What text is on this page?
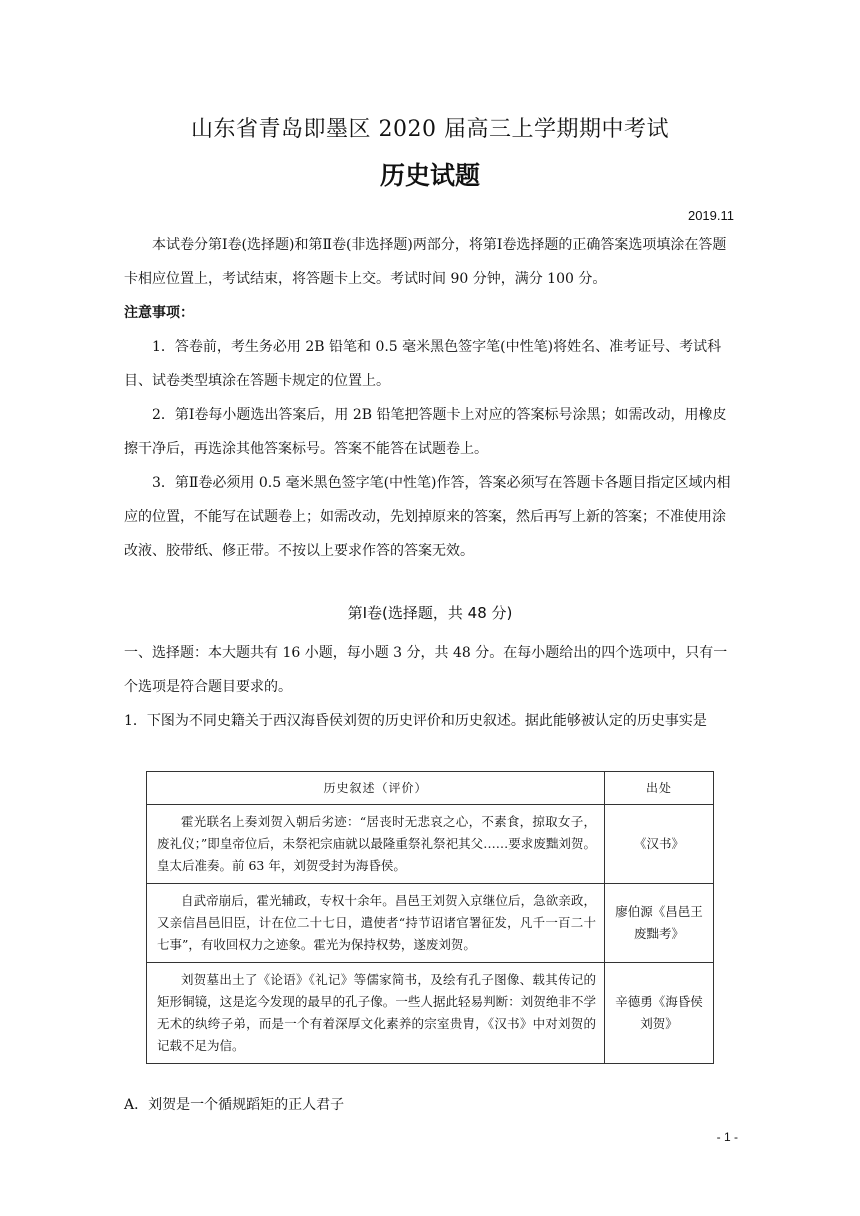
山东省青岛即墨区 2020 届高三上学期期中考试
历史试题
2019.11
本试卷分第Ⅰ卷(选择题)和第Ⅱ卷(非选择题)两部分，将第Ⅰ卷选择题的正确答案选项填涂在答题卡相应位置上，考试结束，将答题卡上交。考试时间 90 分钟，满分 100 分。
注意事项：
1．答卷前，考生务必用 2B 铅笔和 0.5 毫米黑色签字笔(中性笔)将姓名、准考证号、考试科目、试卷类型填涂在答题卡规定的位置上。
2．第Ⅰ卷每小题选出答案后，用 2B 铅笔把答题卡上对应的答案标号涂黑；如需改动，用橡皮擦干净后，再选涂其他答案标号。答案不能答在试题卷上。
3．第Ⅱ卷必须用 0.5 毫米黑色签字笔(中性笔)作答，答案必须写在答题卡各题目指定区域内相应的位置，不能写在试题卷上；如需改动，先划掉原来的答案，然后再写上新的答案；不准使用涂改液、胶带纸、修正带。不按以上要求作答的答案无效。
第Ⅰ卷(选择题，共 48 分)
一、选择题：本大题共有 16 小题，每小题 3 分，共 48 分。在每小题给出的四个选项中，只有一个选项是符合题目要求的。
1．下图为不同史籍关于西汉海昏侯刘贺的历史评价和历史叙述。据此能够被认定的历史事实是
历史叙述（评价）	出处
霍光联名上奏刘贺入朝后劣迹：“居丧时无悲哀之心，不素食，掠取女子，废礼仪；”即皇帝位后，未祭祀宗庙就以最隆重祭礼祭祀其父……要求废黜刘贺。皇太后准奏。前 63 年，刘贺受封为海昏侯。	《汉书》
自武帝崩后，霍光辅政，专权十余年。昌邑王刘贺入京继位后，急欲亲政，又亲信昌邑旧臣，计在位二十七日，遣使者“持节诏诸官署征发，凡千一百二十七事”，有收回权力之迹象。霍光为保持权势，遂废刘贺。	廖伯源《昌邑王废黜考》
刘贺墓出土了《论语》《礼记》等儒家简书，及绘有孔子图像、载其传记的矩形铜镜，这是迄今发现的最早的孔子像。一些人据此轻易判断：刘贺绝非不学无术的纨绔子弟，而是一个有着深厚文化素养的宗室贵胄，《汉书》中对刘贺的记载不足为信。	辛德勇《海昏侯刘贺》
A．刘贺是一个循规蹈矩的正人君子
- 1 -
